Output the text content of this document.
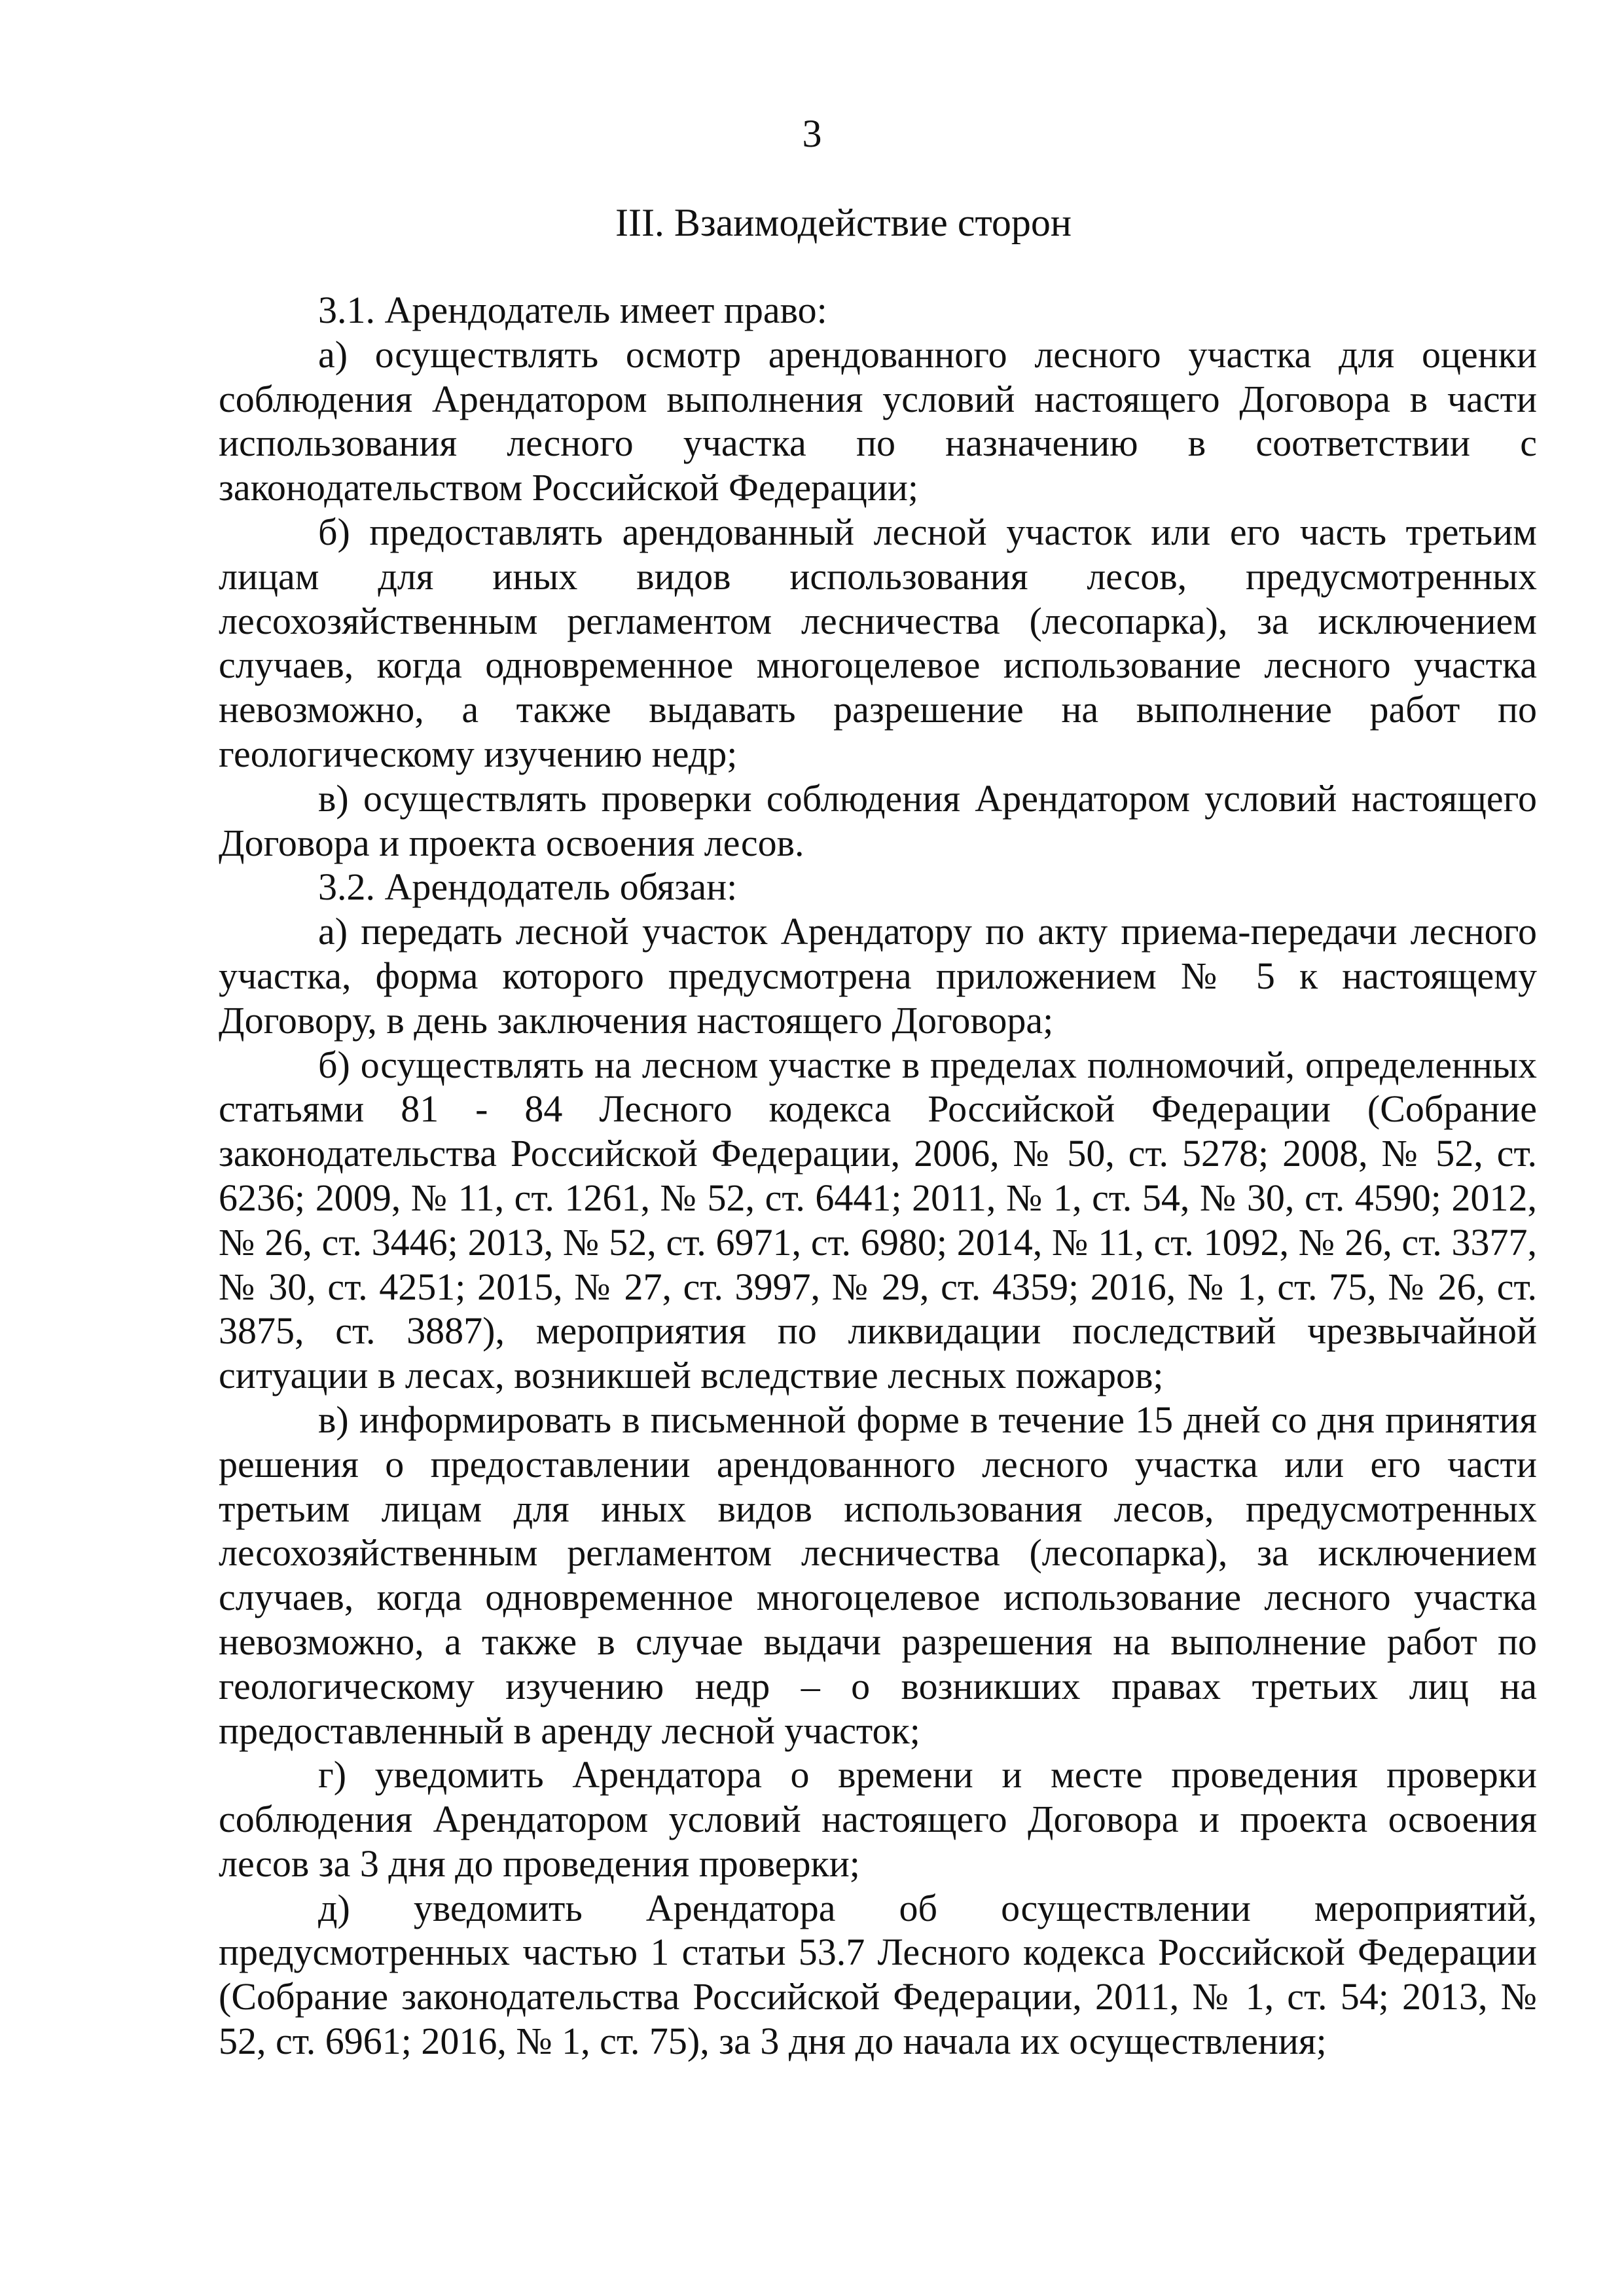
3
III. Взаимодействие сторон

3.1. Арендодатель имеет право:

а) осуществлять осмотр арендованного лесного участка для оценки соблюдения Арендатором выполнения условий настоящего Договора в части использования лесного участка по назначению в соответствии с законодательством Российской Федерации;

б) предоставлять арендованный лесной участок или его часть третьим лицам для иных видов использования лесов, предусмотренных лесохозяйственным регламентом лесничества (лесопарка), за исключением случаев, когда одновременное многоцелевое использование лесного участка невозможно, а также выдавать разрешение на выполнение работ по геологическому изучению недр;

в) осуществлять проверки соблюдения Арендатором условий настоящего Договора и проекта освоения лесов.

3.2. Арендодатель обязан:

а) передать лесной участок Арендатору по акту приема-передачи лесного участка, форма которого предусмотрена приложением № 5 к настоящему Договору, в день заключения настоящего Договора;

б) осуществлять на лесном участке в пределах полномочий, определенных статьями 81 - 84 Лесного кодекса Российской Федерации (Собрание законодательства Российской Федерации, 2006, № 50, ст. 5278; 2008, № 52, ст. 6236; 2009, № 11, ст. 1261, № 52, ст. 6441; 2011, № 1, ст. 54, № 30, ст. 4590; 2012, № 26, ст. 3446; 2013, № 52, ст. 6971, ст. 6980; 2014, № 11, ст. 1092, № 26, ст. 3377, № 30, ст. 4251; 2015, № 27, ст. 3997, № 29, ст. 4359; 2016, № 1, ст. 75, № 26, ст. 3875, ст. 3887), мероприятия по ликвидации последствий чрезвычайной ситуации в лесах, возникшей вследствие лесных пожаров;

в) информировать в письменной форме в течение 15 дней со дня принятия решения о предоставлении арендованного лесного участка или его части третьим лицам для иных видов использования лесов, предусмотренных лесохозяйственным регламентом лесничества (лесопарка), за исключением случаев, когда одновременное многоцелевое использование лесного участка невозможно, а также в случае выдачи разрешения на выполнение работ по геологическому изучению недр – о возникших правах третьих лиц на предоставленный в аренду лесной участок;

г) уведомить Арендатора о времени и месте проведения проверки соблюдения Арендатором условий настоящего Договора и проекта освоения лесов за 3 дня до проведения проверки;

д) уведомить Арендатора об осуществлении мероприятий, предусмотренных частью 1 статьи 53.7 Лесного кодекса Российской Федерации (Собрание законодательства Российской Федерации, 2011, № 1, ст. 54; 2013, № 52, ст. 6961; 2016, № 1, ст. 75), за 3 дня до начала их осуществления;
